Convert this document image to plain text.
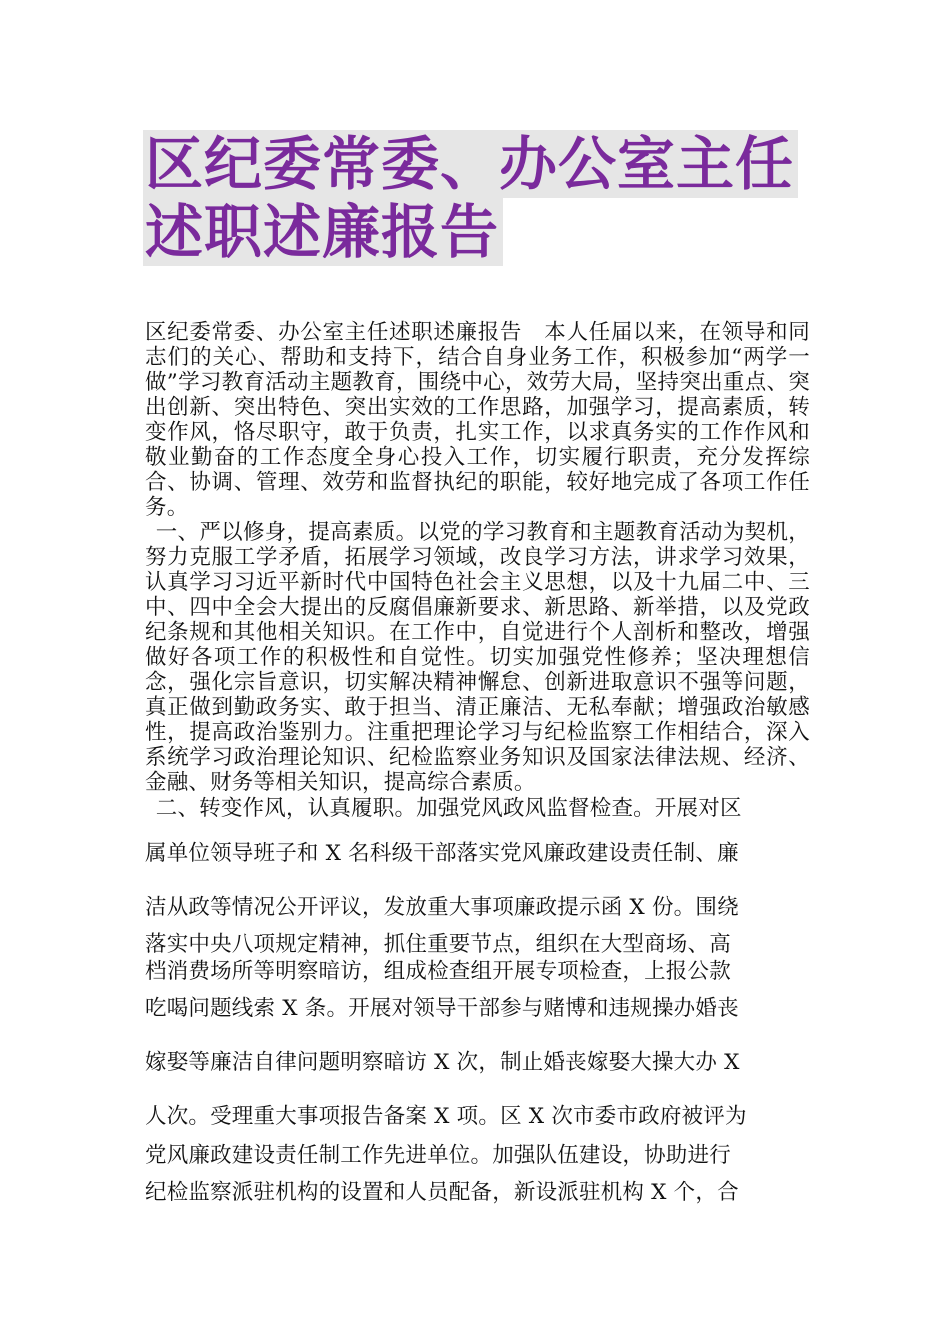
区纪委常委、办公室主任
述职述廉报告

区纪委常委、办公室主任述职述廉报告　本人任届以来，在领导和同志们的关心、帮助和支持下，结合自身业务工作，积极参加“两学一做”学习教育活动主题教育，围绕中心，效劳大局，坚持突出重点、突出创新、突出特色、突出实效的工作思路，加强学习，提高素质，转变作风，恪尽职守，敢于负责，扎实工作，以求真务实的工作作风和敬业勤奋的工作态度全身心投入工作，切实履行职责，充分发挥综合、协调、管理、效劳和监督执纪的职能，较好地完成了各项工作任务。

一、严以修身，提高素质。以党的学习教育和主题教育活动为契机，努力克服工学矛盾，拓展学习领域，改良学习方法，讲求学习效果，认真学习习近平新时代中国特色社会主义思想，以及十九届二中、三中、四中全会大提出的反腐倡廉新要求、新思路、新举措，以及党政纪条规和其他相关知识。在工作中，自觉进行个人剖析和整改，增强做好各项工作的积极性和自觉性。切实加强党性修养；坚决理想信念，强化宗旨意识，切实解决精神懈怠、创新进取意识不强等问题，真正做到勤政务实、敢于担当、清正廉洁、无私奉献；增强政治敏感性，提高政治鉴别力。注重把理论学习与纪检监察工作相结合，深入系统学习政治理论知识、纪检监察业务知识及国家法律法规、经济、金融、财务等相关知识，提高综合素质。

二、转变作风，认真履职。加强党风政风监督检查。开展对区
属单位领导班子和 X 名科级干部落实党风廉政建设责任制、廉
洁从政等情况公开评议，发放重大事项廉政提示函 X 份。围绕
落实中央八项规定精神，抓住重要节点，组织在大型商场、高
档消费场所等明察暗访，组成检查组开展专项检查，上报公款
吃喝问题线索 X 条。开展对领导干部参与赌博和违规操办婚丧
嫁娶等廉洁自律问题明察暗访 X 次，制止婚丧嫁娶大操大办 X
人次。受理重大事项报告备案 X 项。区 X 次市委市政府被评为
党风廉政建设责任制工作先进单位。加强队伍建设，协助进行
纪检监察派驻机构的设置和人员配备，新设派驻机构 X 个，合
